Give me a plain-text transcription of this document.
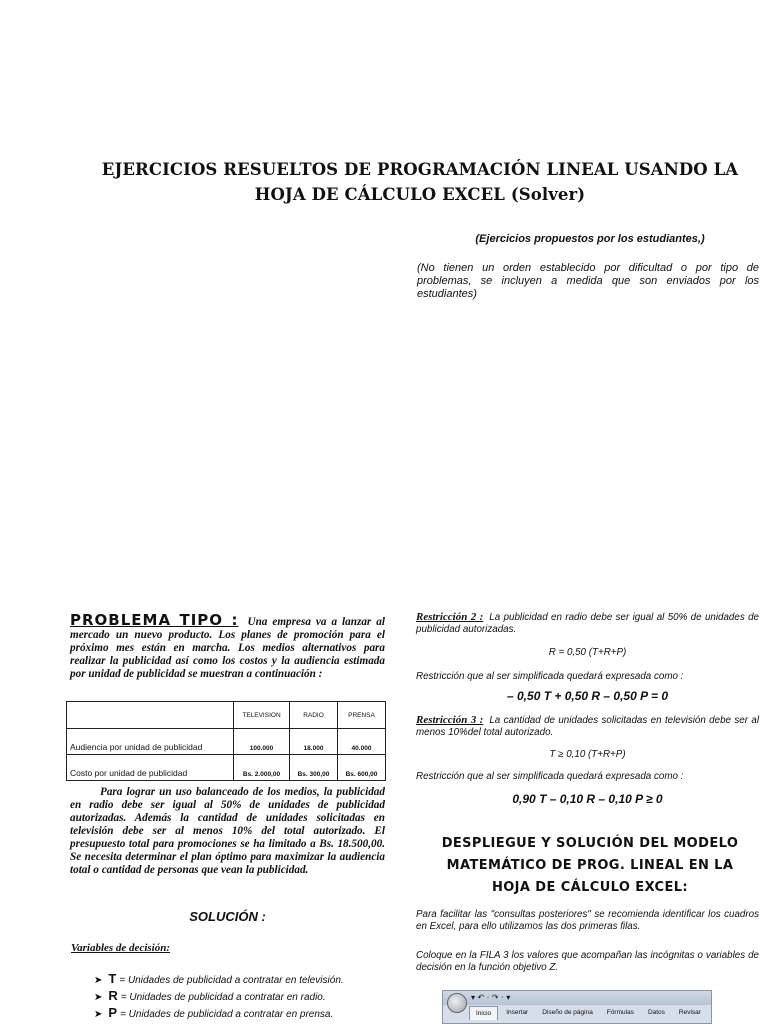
EJERCICIOS RESUELTOS DE PROGRAMACIÓN LINEAL USANDO LA
HOJA DE CÁLCULO EXCEL (Solver)
(Ejercicios propuestos por los estudiantes,)
(No tienen un orden establecido por dificultad o por tipo de problemas, se incluyen a medida que son enviados por los estudiantes)
PROBLEMA TIPO : Una empresa va a lanzar al mercado un nuevo producto. Los planes de promoción para el próximo mes están en marcha. Los medios alternativos para realizar la publicidad así como los costos y la audiencia estimada por unidad de publicidad se muestran a continuación :
	TELEVISION	RADIO	PRENSA
Audiencia por unidad de publicidad	100.000	18.000	40.000
Costo por unidad de publicidad	Bs. 2.000,00	Bs. 300,00	Bs. 600,00
Para lograr un uso balanceado de los medios, la publicidad en radio debe ser igual al 50% de unidades de publicidad autorizadas. Además la cantidad de unidades solicitadas en televisión debe ser al menos 10% del total autorizado. El presupuesto total para promociones se ha limitado a Bs. 18.500,00. Se necesita determinar el plan óptimo para maximizar la audiencia total o cantidad de personas que vean la publicidad.
SOLUCIÓN :
Variables de decisión:
➤ T = Unidades de publicidad a contratar en televisión.
➤ R = Unidades de publicidad a contratar en radio.
➤ P = Unidades de publicidad a contratar en prensa.
Restricción 2 : La publicidad en radio debe ser igual al 50% de unidades de publicidad autorizadas.
R = 0,50 (T+R+P)
Restricción que al ser simplificada quedará expresada como :
– 0,50 T + 0,50 R – 0,50 P = 0
Restricción 3 : La cantidad de unidades solicitadas en televisión debe ser al menos 10%del total autorizado.
T ≥ 0,10 (T+R+P)
Restricción que al ser simplificada quedará expresada como :
0,90 T – 0,10 R – 0,10 P ≥ 0
DESPLIEGUE Y SOLUCIÓN DEL MODELO
MATEMÁTICO DE PROG. LINEAL EN LA
HOJA DE CÁLCULO EXCEL:
Para facilitar las "consultas posteriores" se recomienda identificar los cuadros en Excel, para ello utilizamos las dos primeras filas.
Coloque en la FILA 3 los valores que acompañan las incógnitas o variables de decisión en la función objetivo Z.
▾ ↶ · ↷ · ▾
Inicio	Insertar	Diseño de página	Fórmulas	Datos	Revisar
